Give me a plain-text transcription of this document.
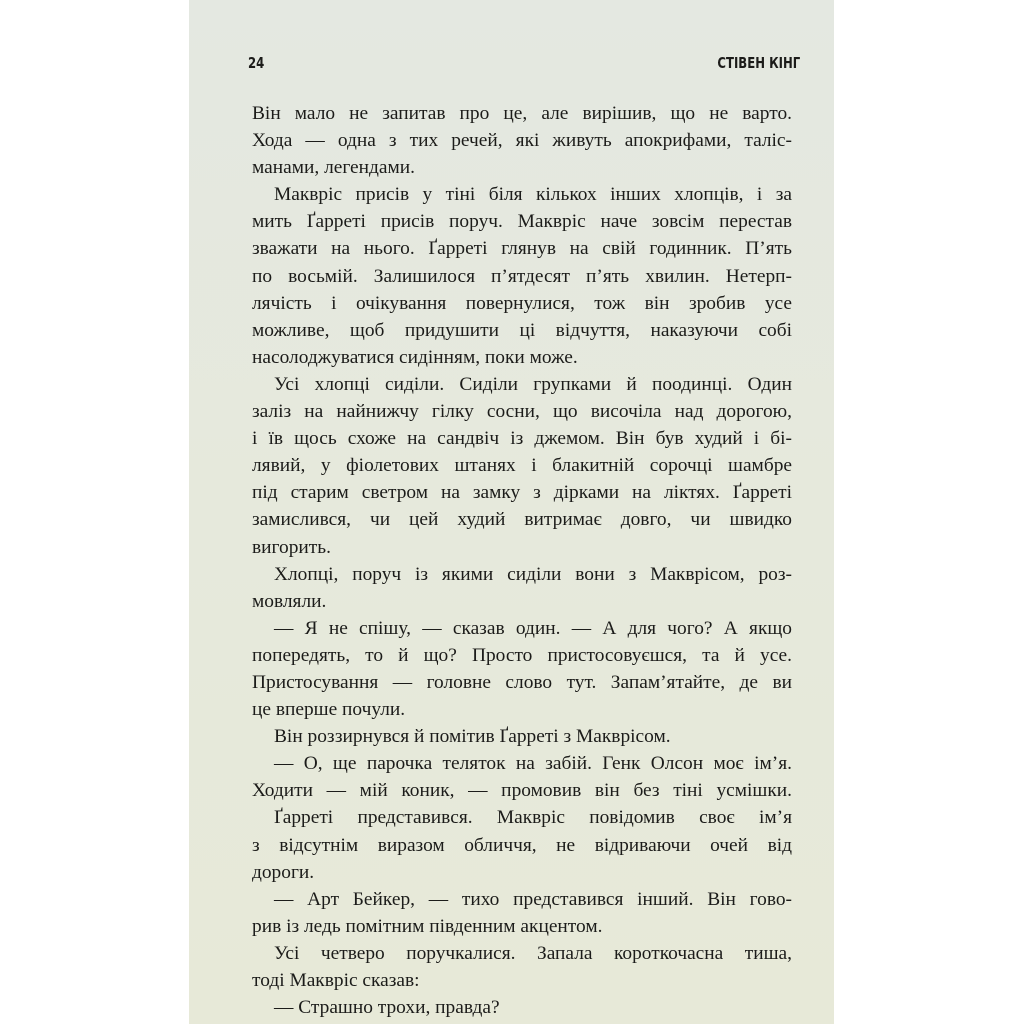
24	СТІВЕН КІНГ
Він мало не запитав про це, але вирішив, що не варто.
Хода — одна з тих речей, які живуть апокрифами, таліс-
манами, легендами.
Маквріс присів у тіні біля кількох інших хлопців, і за
мить Ґарреті присів поруч. Маквріс наче зовсім перестав
зважати на нього. Ґарреті глянув на свій годинник. П’ять
по восьмій. Залишилося п’ятдесят п’ять хвилин. Нетерп-
лячість і очікування повернулися, тож він зробив усе
можливе, щоб придушити ці відчуття, наказуючи собі
насолоджуватися сидінням, поки може.
Усі хлопці сиділи. Сиділи групками й поодинці. Один
заліз на найнижчу гілку сосни, що височіла над дорогою,
і їв щось схоже на сандвіч із джемом. Він був худий і бі-
лявий, у фіолетових штанях і блакитній сорочці шамбре
під старим светром на замку з дірками на ліктях. Ґарреті
замислився, чи цей худий витримає довго, чи швидко
вигорить.
Хлопці, поруч із якими сиділи вони з Макврісом, роз-
мовляли.
— Я не спішу, — сказав один. — А для чого? А якщо
попередять, то й що? Просто пристосовуєшся, та й усе.
Пристосування — головне слово тут. Запам’ятайте, де ви
це вперше почули.
Він роззирнувся й помітив Ґарреті з Макврісом.
— О, ще парочка теляток на забій. Генк Олсон моє ім’я.
Ходити — мій коник, — промовив він без тіні усмішки.
Ґарреті представився. Маквріс повідомив своє ім’я
з відсутнім виразом обличчя, не відриваючи очей від
дороги.
— Арт Бейкер, — тихо представився інший. Він гово-
рив із ледь помітним південним акцентом.
Усі четверо поручкалися. Запала короткочасна тиша,
тоді Маквріс сказав:
— Страшно трохи, правда?
